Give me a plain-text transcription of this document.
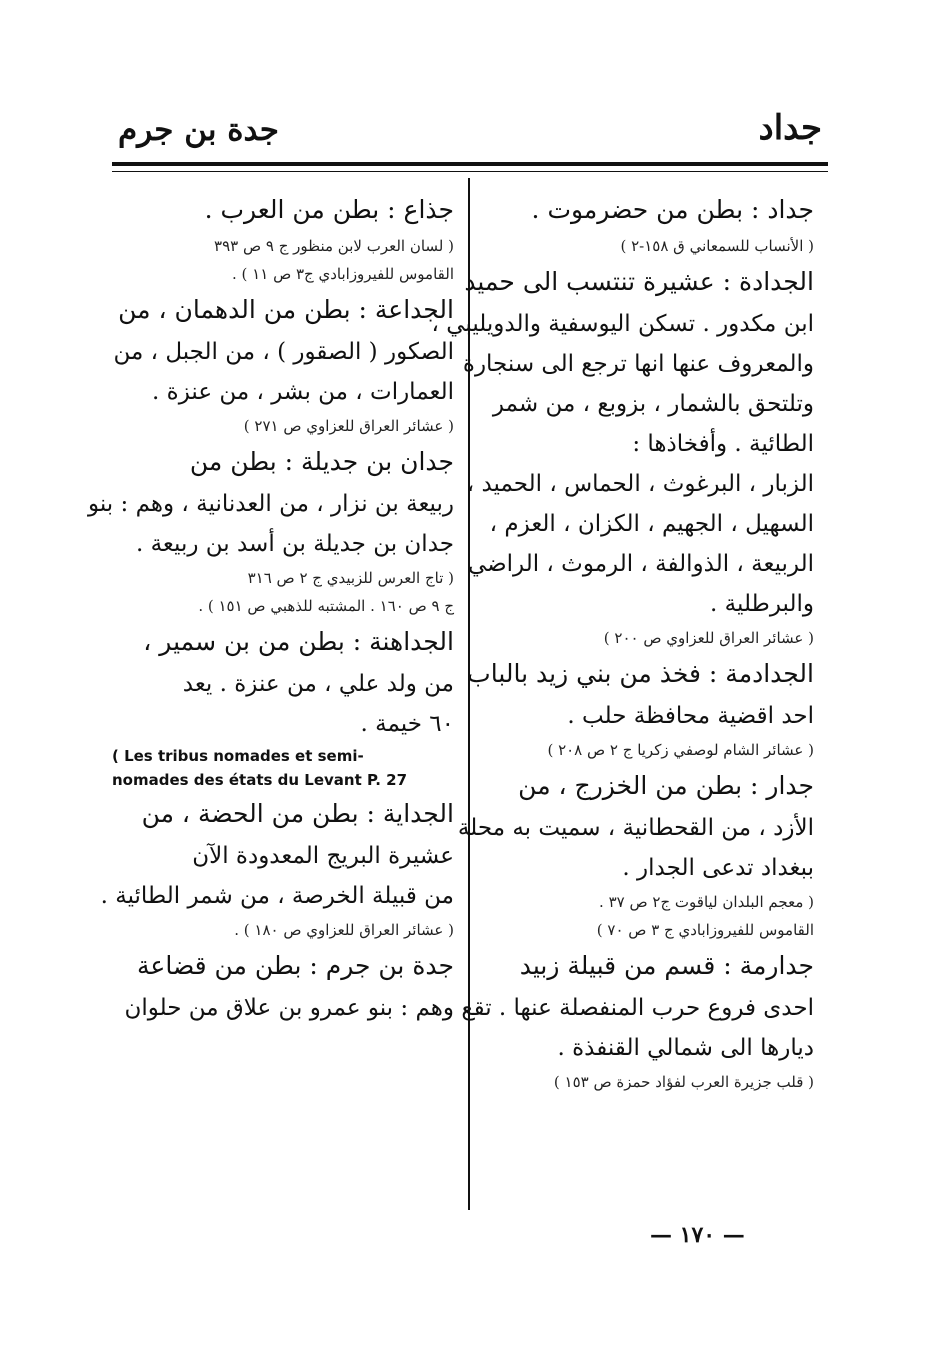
جداد
جدة بن جرم
جداد : بطن من حضرموت .
( الأنساب للسمعاني ق ١٥٨-٢ )
الجدادة : عشيرة تنتسب الى حميد
ابن مكدور . تسكن اليوسفية والدويليبي ،
والمعروف عنها انها ترجع الى سنجارة
وتلتحق بالشمار ، بزوبع ، من شمر
الطائية . وأفخاذها :
الزبار ، البرغوث ، الحماس ، الحميد ،
السهيل ، الجهيم ، الكزان ، العزم ،
الربيعة ، الذوالفة ، الرموث ، الراضي
والبرطلية .
( عشائر العراق للعزاوي ص ٢٠٠ )
الجدادمة : فخذ من بني زيد بالباب
احد اقضية محافظة حلب .
( عشائر الشام لوصفي زكريا ج ٢ ص ٢٠٨ )
جدار : بطن من الخزرج ، من
الأزد ، من القحطانية ، سميت به محلة
ببغداد تدعى الجدار .
( معجم البلدان لياقوت ج٢ ص ٣٧ .
القاموس للفيروزابادي ج ٣ ص ٧٠ )
جدارمة : قسم من قبيلة زبيد
احدى فروع حرب المنفصلة عنها . تقع
ديارها الى شمالي القنفذة .
( قلب جزيرة العرب لفؤاد حمزة ص ١٥٣ )
جذاع : بطن من العرب .
( لسان العرب لابن منظور ج ٩ ص ٣٩٣
القاموس للفيروزابادي ج٣ ص ١١ ) .
الجداعة : بطن من الدهمان ، من
الصكور ( الصقور ) ، من الجبل ، من
العمارات ، من بشر ، من عنزة .
( عشائر العراق للعزاوي ص ٢٧١ )
جدان بن جديلة : بطن من
ربيعة بن نزار ، من العدنانية ، وهم : بنو
جدان بن جديلة بن أسد بن ربيعة .
( تاج العرس للزبيدي ج ٢ ص ٣١٦
ج ٩ ص ١٦٠ . المشتبه للذهبي ص ١٥١ ) .
الجداهنة : بطن من بن سمير ،
من ولد علي ، من عنزة . يعد
٦٠ خيمة .
( Les tribus nomades et semi-
nomades des états du Levant P. 27
الجداية : بطن من الحضة ، من
عشيرة البريج المعدودة الآن
من قبيلة الخرصة ، من شمر الطائية .
( عشائر العراق للعزاوي ص ١٨٠ ) .
جدة بن جرم : بطن من قضاعة
وهم : بنو عمرو بن علاق من حلوان
— ١٧٠ —
